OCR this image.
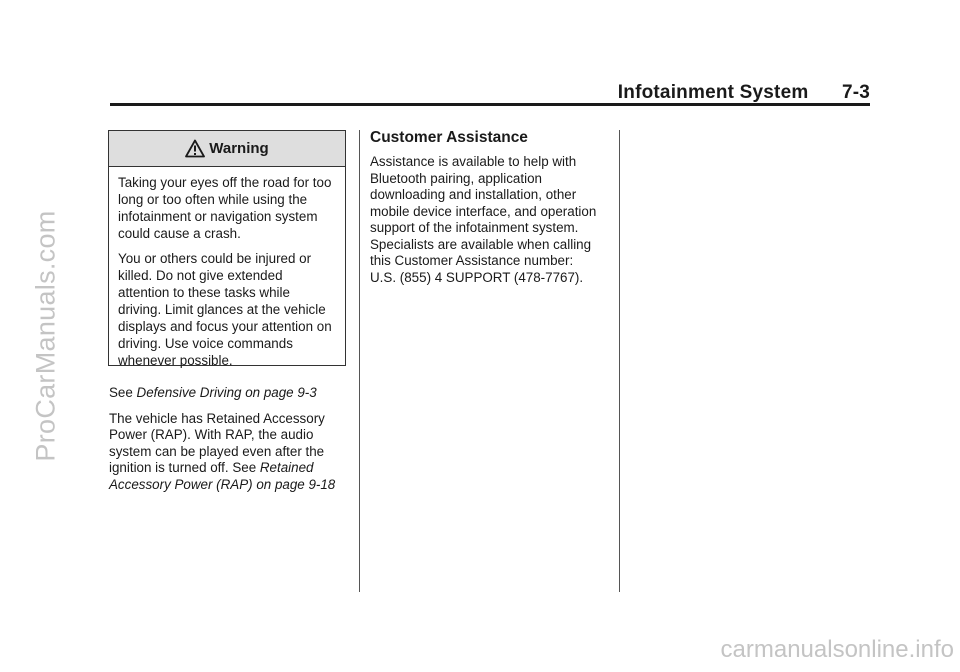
Infotainment System 7-3
Warning

Taking your eyes off the road for too long or too often while using the infotainment or navigation system could cause a crash.

You or others could be injured or killed. Do not give extended attention to these tasks while driving. Limit glances at the vehicle displays and focus your attention on driving. Use voice commands whenever possible.

See Defensive Driving on page 9-3

The vehicle has Retained Accessory Power (RAP). With RAP, the audio system can be played even after the ignition is turned off. See Retained Accessory Power (RAP) on page 9-18

Customer Assistance

Assistance is available to help with Bluetooth pairing, application downloading and installation, other mobile device interface, and operation support of the infotainment system. Specialists are available when calling this Customer Assistance number:

U.S. (855) 4 SUPPORT (478-7767).

ProCarManuals.com
carmanualsonline.info
